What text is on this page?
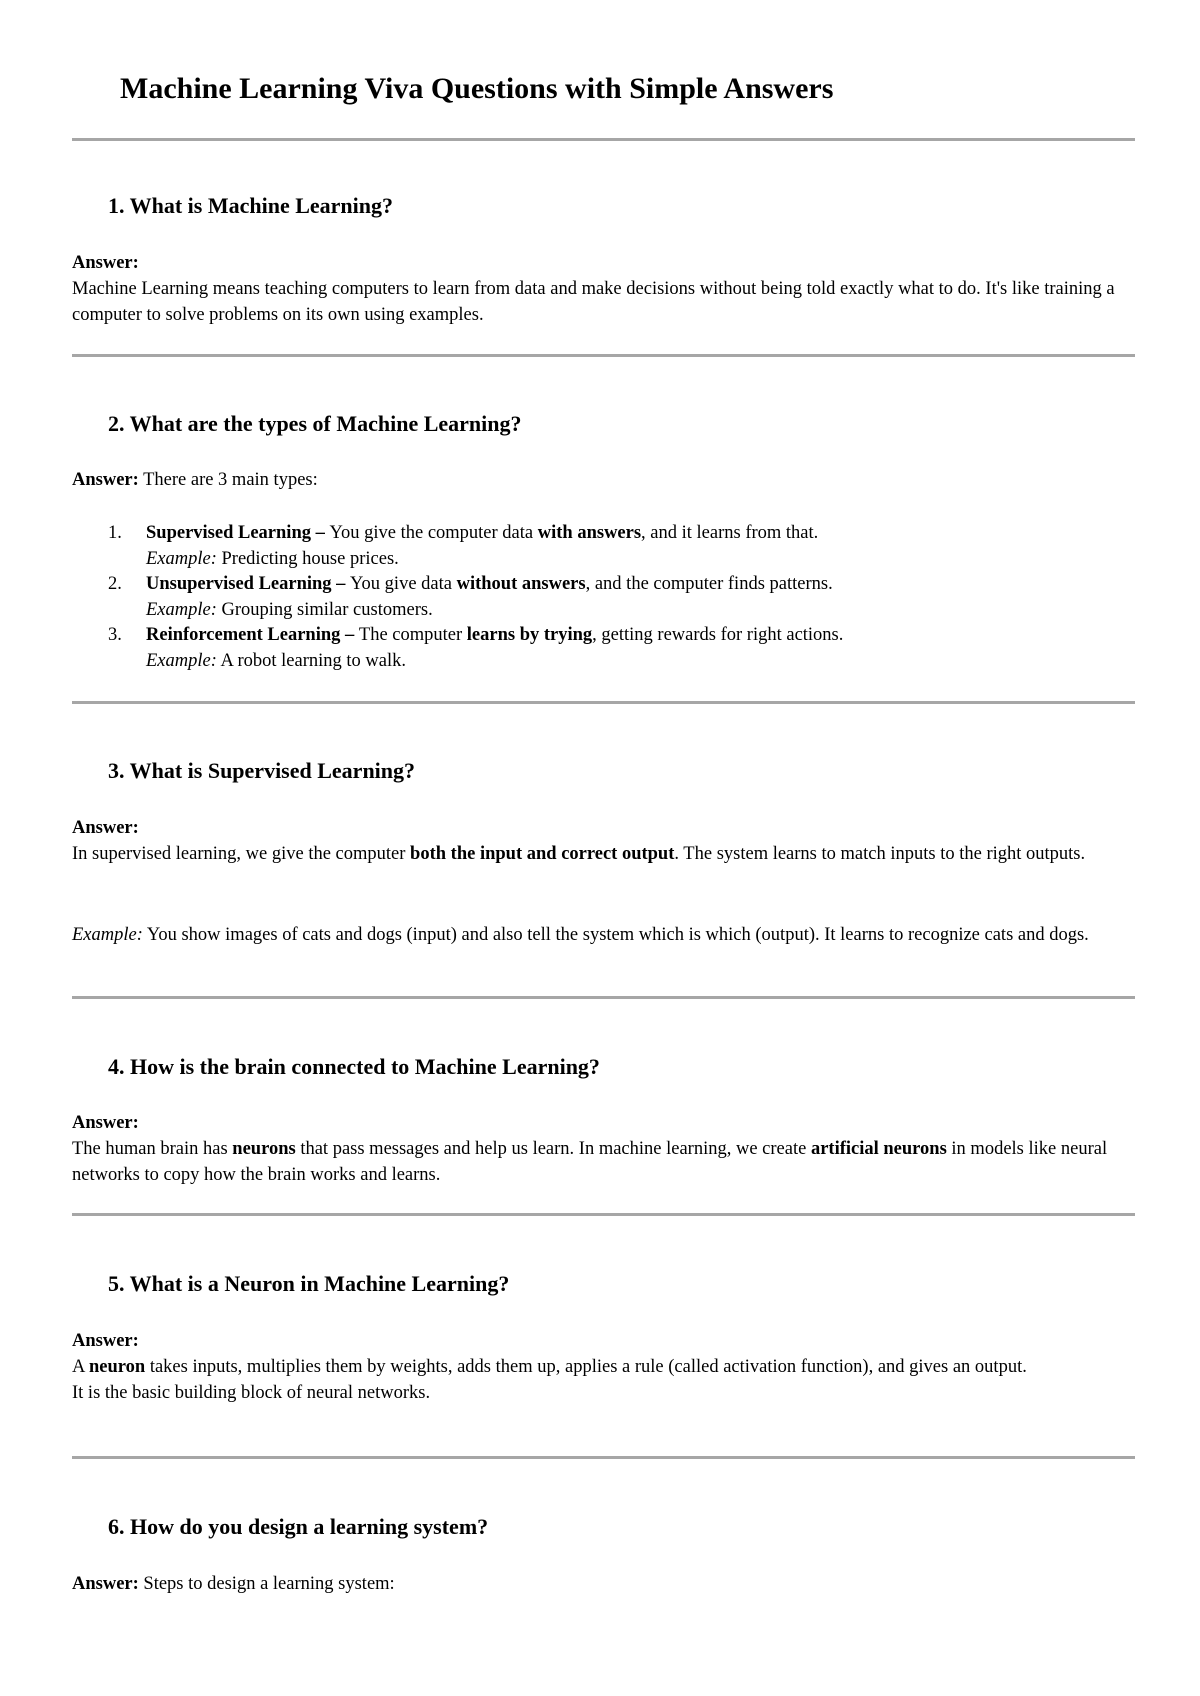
Machine Learning Viva Questions with Simple Answers
1. What is Machine Learning?
Answer:
Machine Learning means teaching computers to learn from data and make decisions without being told exactly what to do. It's like training a computer to solve problems on its own using examples.
2. What are the types of Machine Learning?
Answer: There are 3 main types:
1. Supervised Learning – You give the computer data with answers, and it learns from that.
Example: Predicting house prices.
2. Unsupervised Learning – You give data without answers, and the computer finds patterns.
Example: Grouping similar customers.
3. Reinforcement Learning – The computer learns by trying, getting rewards for right actions.
Example: A robot learning to walk.
3. What is Supervised Learning?
Answer:
In supervised learning, we give the computer both the input and correct output. The system learns to match inputs to the right outputs.
Example: You show images of cats and dogs (input) and also tell the system which is which (output). It learns to recognize cats and dogs.
4. How is the brain connected to Machine Learning?
Answer:
The human brain has neurons that pass messages and help us learn. In machine learning, we create artificial neurons in models like neural networks to copy how the brain works and learns.
5. What is a Neuron in Machine Learning?
Answer:
A neuron takes inputs, multiplies them by weights, adds them up, applies a rule (called activation function), and gives an output.
It is the basic building block of neural networks.
6. How do you design a learning system?
Answer: Steps to design a learning system:
